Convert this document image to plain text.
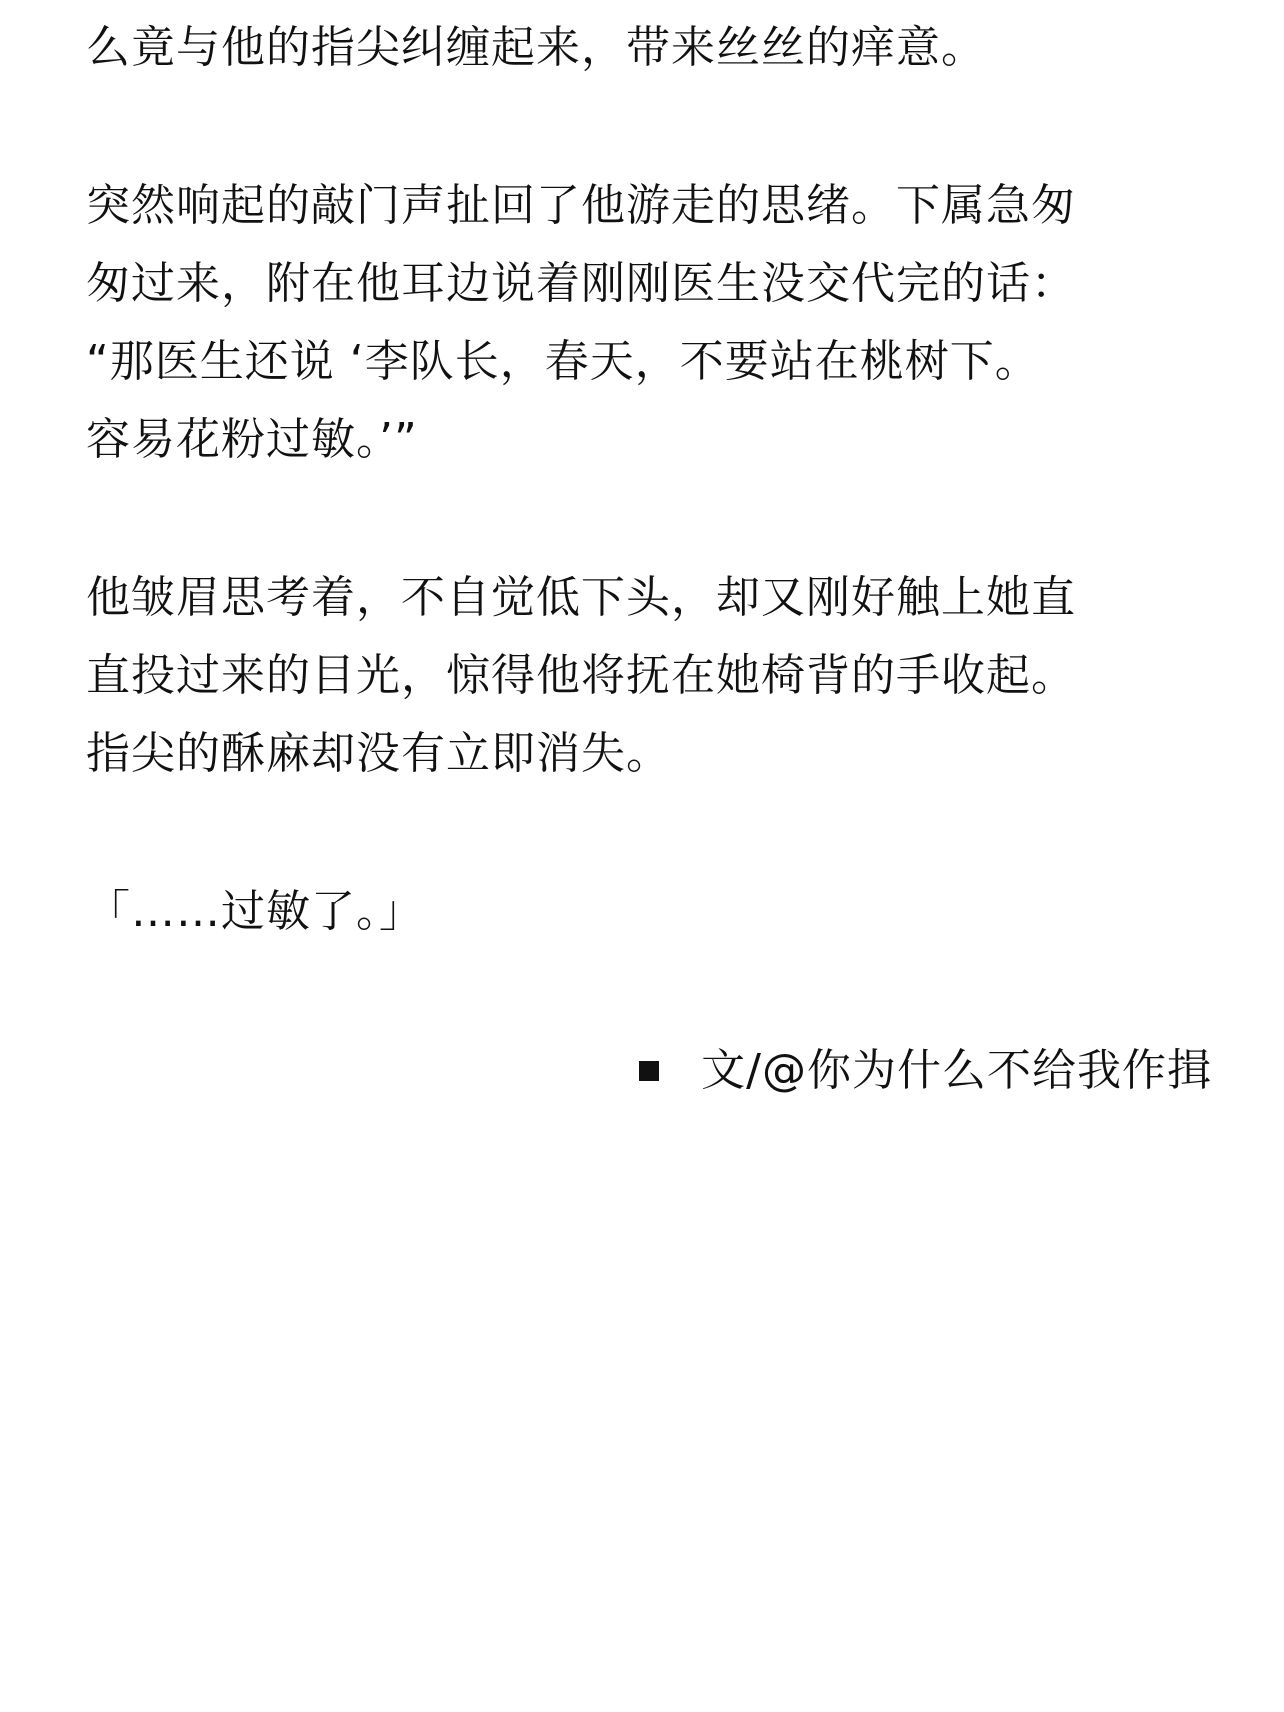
么竟与他的指尖纠缠起来，带来丝丝的痒意。
突然响起的敲门声扯回了他游走的思绪。下属急匆
匆过来，附在他耳边说着刚刚医生没交代完的话：
“那医生还说 ‘李队长，春天，不要站在桃树下。
容易花粉过敏。’”
他皱眉思考着，不自觉低下头，却又刚好触上她直
直投过来的目光，惊得他将抚在她椅背的手收起。
指尖的酥麻却没有立即消失。
「……过敏了。」
文/@你为什么不给我作揖
